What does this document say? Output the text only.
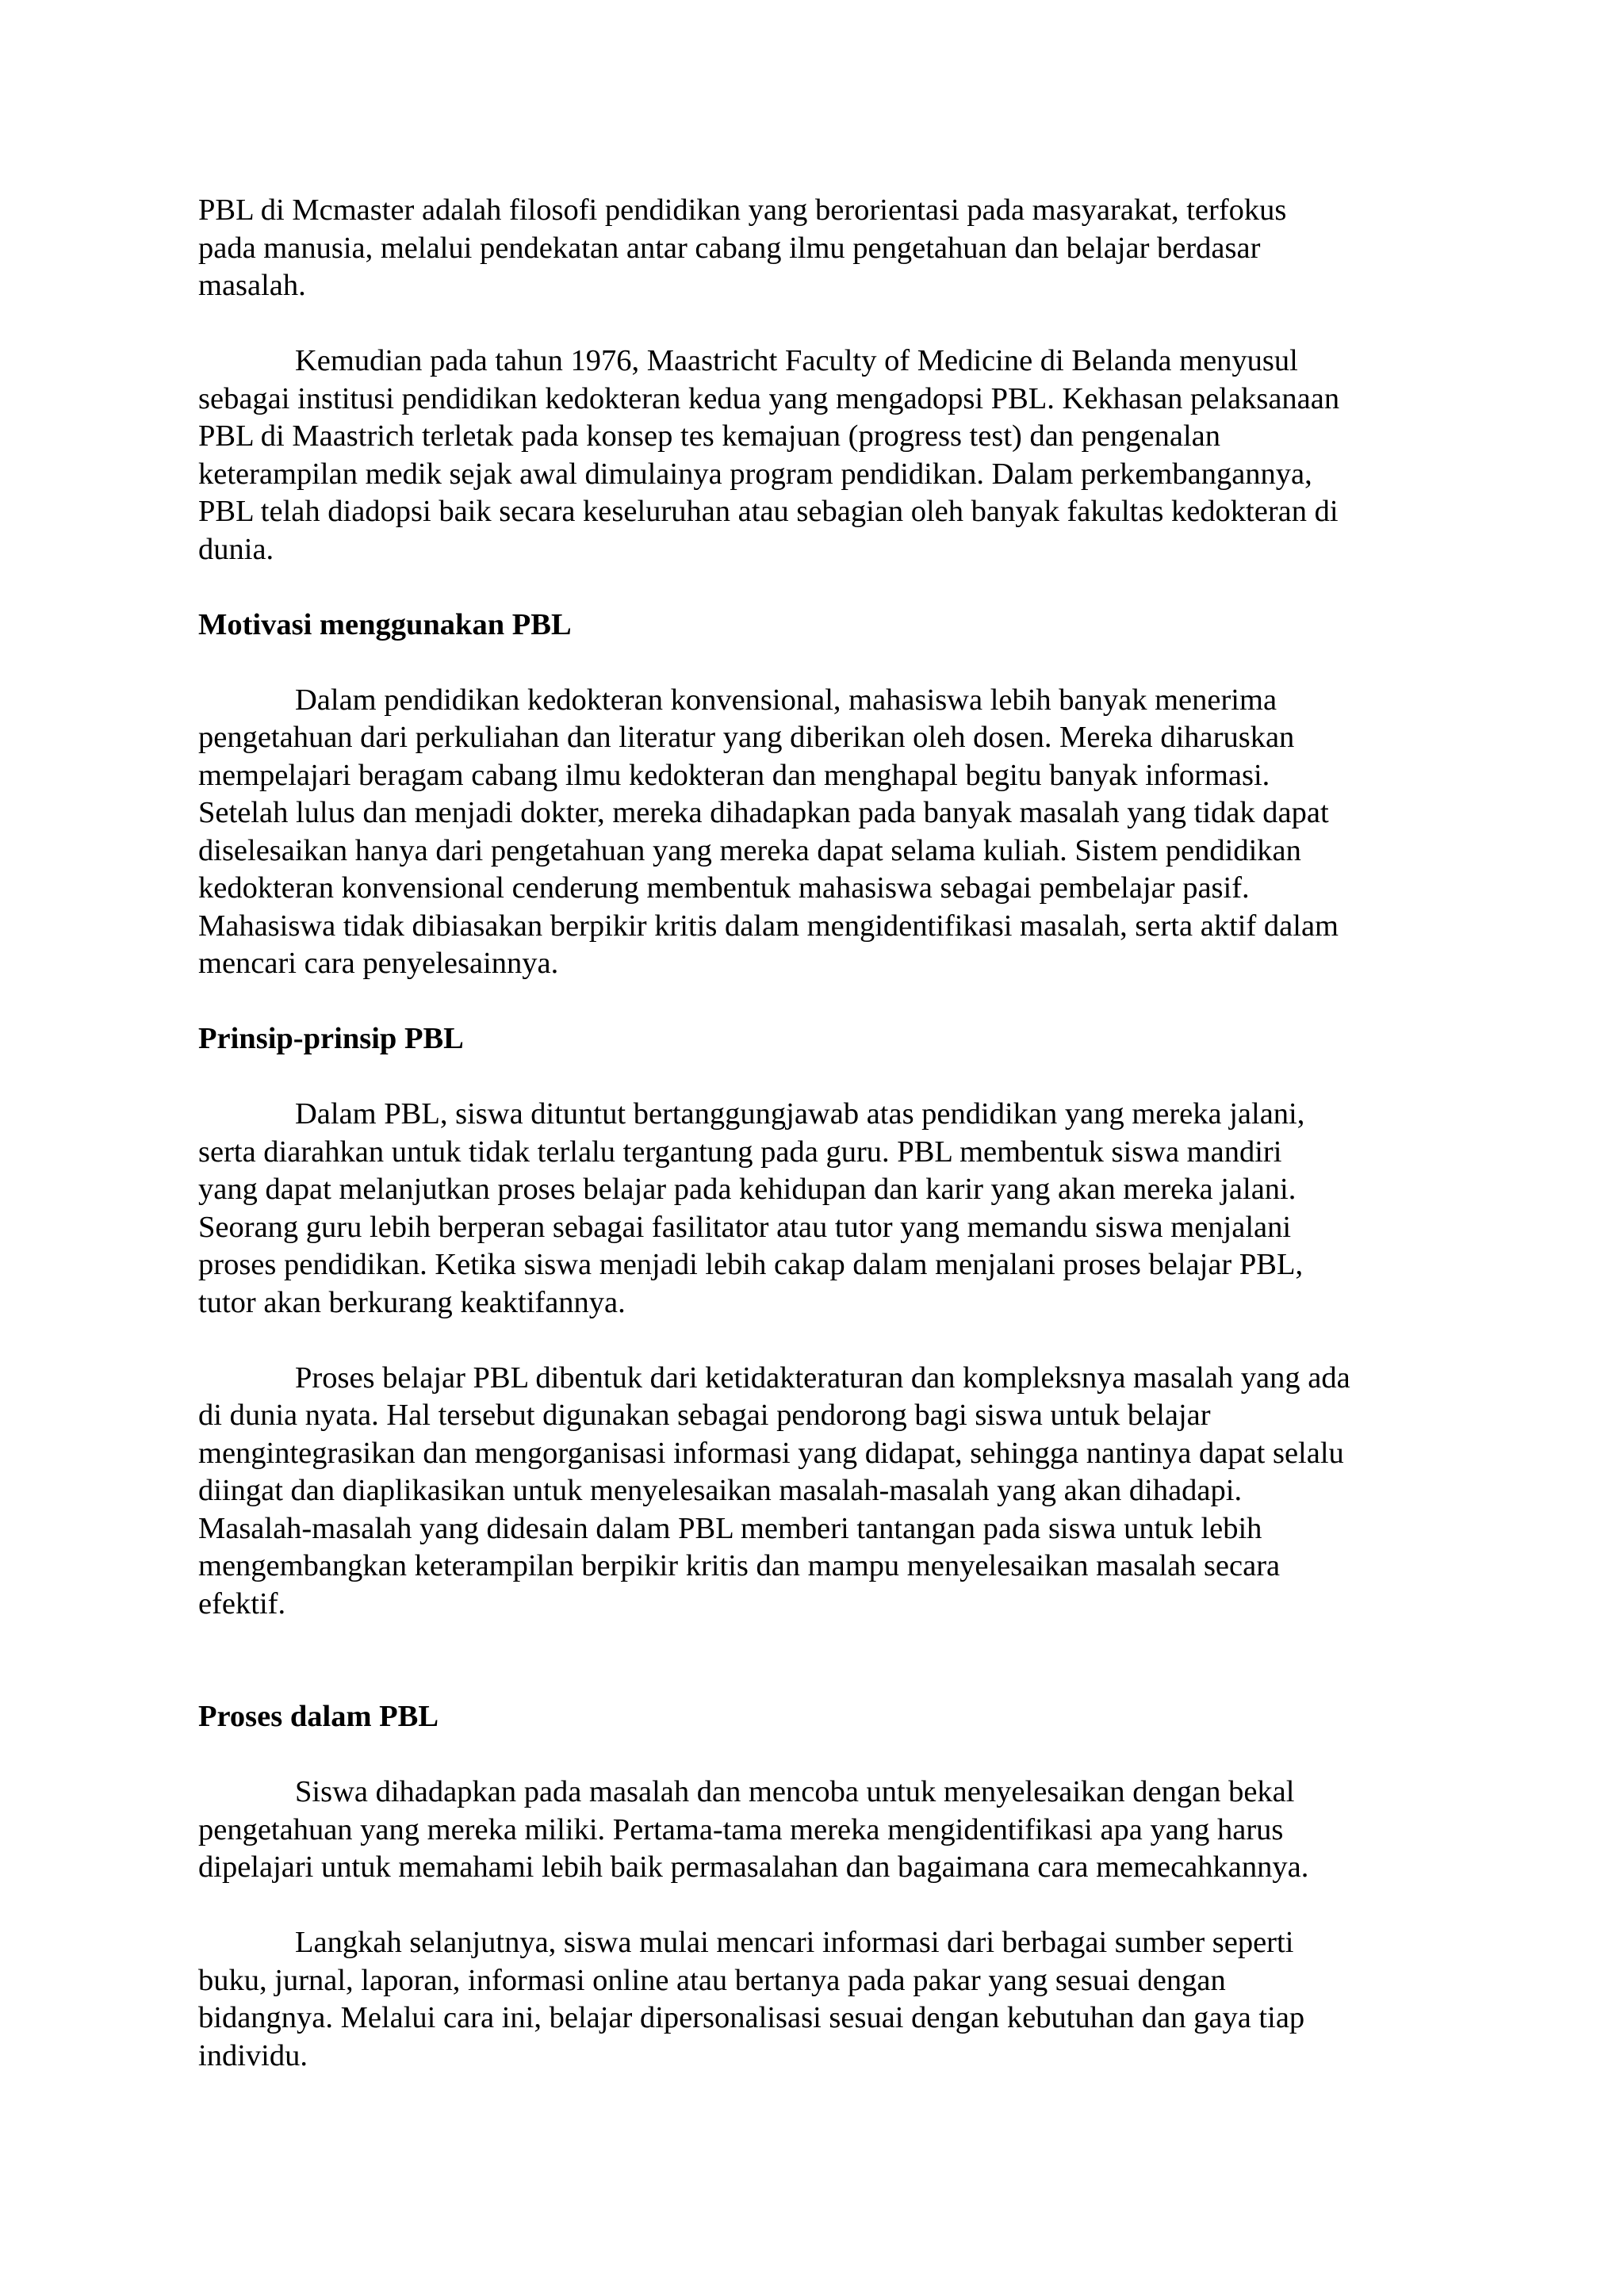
PBL di Mcmaster adalah filosofi pendidikan yang berorientasi pada masyarakat, terfokus
pada manusia, melalui pendekatan antar cabang ilmu pengetahuan dan belajar berdasar
masalah.
Kemudian pada tahun 1976, Maastricht Faculty of Medicine di Belanda menyusul
sebagai institusi pendidikan kedokteran kedua yang mengadopsi PBL. Kekhasan pelaksanaan
PBL di Maastrich terletak pada konsep tes kemajuan (progress test) dan pengenalan
keterampilan medik sejak awal dimulainya program pendidikan. Dalam perkembangannya,
PBL telah diadopsi baik secara keseluruhan atau sebagian oleh banyak fakultas kedokteran di
dunia.
Motivasi menggunakan PBL
Dalam pendidikan kedokteran konvensional, mahasiswa lebih banyak menerima
pengetahuan dari perkuliahan dan literatur yang diberikan oleh dosen. Mereka diharuskan
mempelajari beragam cabang ilmu kedokteran dan menghapal begitu banyak informasi.
Setelah lulus dan menjadi dokter, mereka dihadapkan pada banyak masalah yang tidak dapat
diselesaikan hanya dari pengetahuan yang mereka dapat selama kuliah. Sistem pendidikan
kedokteran konvensional cenderung membentuk mahasiswa sebagai pembelajar pasif.
Mahasiswa tidak dibiasakan berpikir kritis dalam mengidentifikasi masalah, serta aktif dalam
mencari cara penyelesainnya.
Prinsip-prinsip PBL
Dalam PBL, siswa dituntut bertanggungjawab atas pendidikan yang mereka jalani,
serta diarahkan untuk tidak terlalu tergantung pada guru. PBL membentuk siswa mandiri
yang dapat melanjutkan proses belajar pada kehidupan dan karir yang akan mereka jalani.
Seorang guru lebih berperan sebagai fasilitator atau tutor yang memandu siswa menjalani
proses pendidikan. Ketika siswa menjadi lebih cakap dalam menjalani proses belajar PBL,
tutor akan berkurang keaktifannya.
Proses belajar PBL dibentuk dari ketidakteraturan dan kompleksnya masalah yang ada
di dunia nyata. Hal tersebut digunakan sebagai pendorong bagi siswa untuk belajar
mengintegrasikan dan mengorganisasi informasi yang didapat, sehingga nantinya dapat selalu
diingat dan diaplikasikan untuk menyelesaikan masalah-masalah yang akan dihadapi.
Masalah-masalah yang didesain dalam PBL memberi tantangan pada siswa untuk lebih
mengembangkan keterampilan berpikir kritis dan mampu menyelesaikan masalah secara
efektif.
Proses dalam PBL
Siswa dihadapkan pada masalah dan mencoba untuk menyelesaikan dengan bekal
pengetahuan yang mereka miliki. Pertama-tama mereka mengidentifikasi apa yang harus
dipelajari untuk memahami lebih baik permasalahan dan bagaimana cara memecahkannya.
Langkah selanjutnya, siswa mulai mencari informasi dari berbagai sumber seperti
buku, jurnal, laporan, informasi online atau bertanya pada pakar yang sesuai dengan
bidangnya. Melalui cara ini, belajar dipersonalisasi sesuai dengan kebutuhan dan gaya tiap
individu.
